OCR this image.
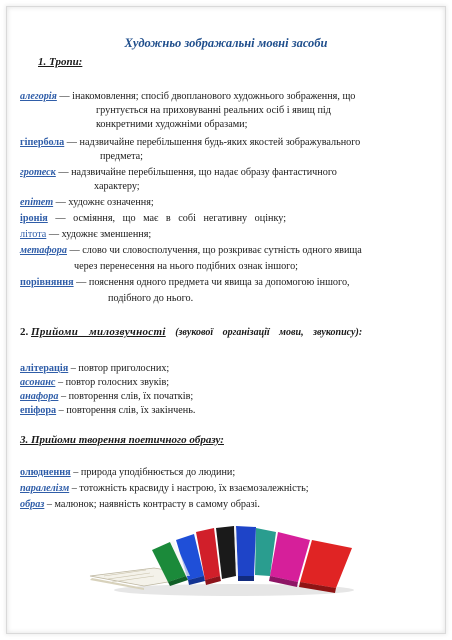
Художньо зображальні мовні засоби
1. Тропи:
алегорія — інакомовлення; спосіб двопланового художнього зображення, що
грунтується на приховуванні реальних осіб і явищ під
конкретними художніми образами;
гіпербола — надзвичайне перебільшення будь-яких якостей зображувального
предмета;
гротеск — надзвичайне перебільшення, що надає образу фантастичного
характеру;
епітет — художнє означення;
іронія — осміяння, що має в собі негативну оцінку;
літота — художнє зменшення;
метафора — слово чи словосполучення, що розкриває сутність одного явища
через перенесення на нього подібних ознак іншого;
порівняння — пояснення одного предмета чи явища за допомогою іншого,
подібного до нього.
2. Прийоми милозвучності (звукової організації мови, звукопису):
алітерація – повтор приголосних;
асонанс – повтор голосних звуків;
анафора – повторення слів, їх початків;
епіфора – повторення слів, їх закінчень.
3. Прийоми творення поетичного образу:
олюднення – природа уподібнюється до людини;
паралелізм – тотожність красвиду і настрою, їх взаємозалежність;
образ – малюнок; наявність контрасту в самому образі.
